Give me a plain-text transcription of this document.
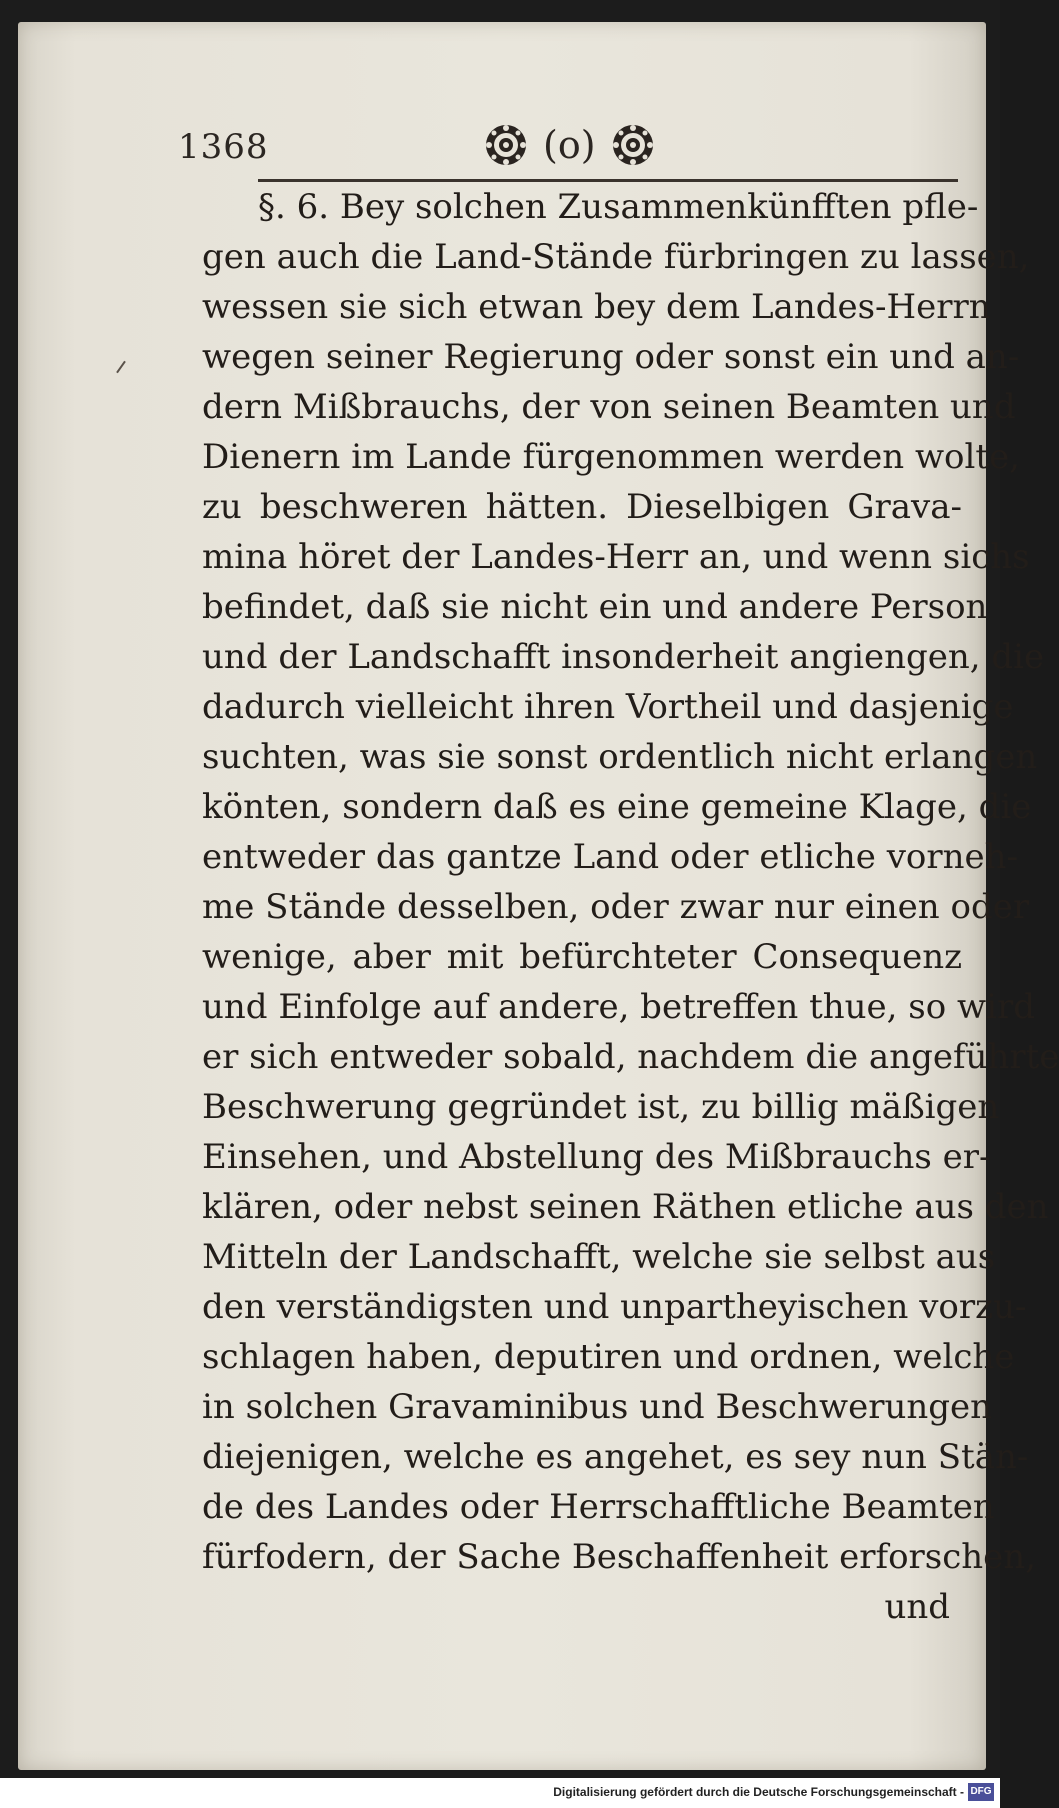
1368	(o)
§. 6. Bey solchen Zusammenkünfften pfle-
gen auch die Land-Stände fürbringen zu lassen,
wessen sie sich etwan bey dem Landes-Herrn
wegen seiner Regierung oder sonst ein und an-
dern Mißbrauchs, der von seinen Beamten und
Dienern im Lande fürgenommen werden wolte,
zu beschweren hätten. Dieselbigen Grava-
mina höret der Landes-Herr an, und wenn sichs
befindet, daß sie nicht ein und andere Person
und der Landschafft insonderheit angiengen, die
dadurch vielleicht ihren Vortheil und dasjenige
suchten, was sie sonst ordentlich nicht erlangen
könten, sondern daß es eine gemeine Klage, die
entweder das gantze Land oder etliche vorneh-
me Stände desselben, oder zwar nur einen oder
wenige, aber mit befürchteter Consequenz
und Einfolge auf andere, betreffen thue, so wird
er sich entweder sobald, nachdem die angeführte
Beschwerung gegründet ist, zu billig mäßigen
Einsehen, und Abstellung des Mißbrauchs er-
klären, oder nebst seinen Räthen etliche aus den
Mitteln der Landschafft, welche sie selbst aus
den verständigsten und unpartheyischen vorzu-
schlagen haben, deputiren und ordnen, welche
in solchen Gravaminibus und Beschwerungen
diejenigen, welche es angehet, es sey nun Stän-
de des Landes oder Herrschafftliche Beamten
fürfodern, der Sache Beschaffenheit erforschen,
und
Digitalisierung gefördert durch die Deutsche Forschungsgemeinschaft - DFG
